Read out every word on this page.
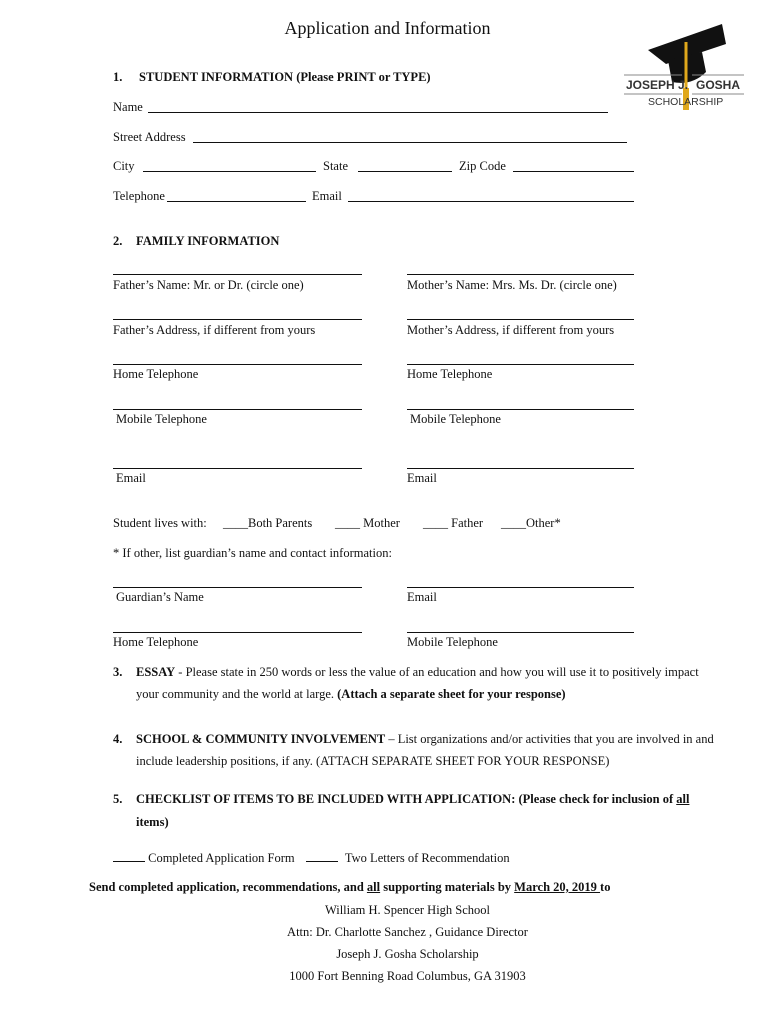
Application and Information
JOSEPH J. GOSHA
SCHOLARSHIP
1. STUDENT INFORMATION (Please PRINT or TYPE)
Name
Street Address
City	State	Zip Code
Telephone	Email
2. FAMILY INFORMATION
Father’s Name: Mr. or Dr. (circle one)	Mother’s Name: Mrs. Ms. Dr. (circle one)
Father’s Address, if different from yours	Mother’s Address, if different from yours
Home Telephone	Home Telephone
Mobile Telephone	Mobile Telephone
Email	Email
Student lives with: ____Both Parents ____ Mother ____ Father ____Other*
* If other, list guardian’s name and contact information:
Guardian’s Name	Email
Home Telephone	Mobile Telephone
3. ESSAY - Please state in 250 words or less the value of an education and how you will use it to positively impact
your community and the world at large. (Attach a separate sheet for your response)
4. SCHOOL & COMMUNITY INVOLVEMENT – List organizations and/or activities that you are involved in and
include leadership positions, if any. (ATTACH SEPARATE SHEET FOR YOUR RESPONSE)
5. CHECKLIST OF ITEMS TO BE INCLUDED WITH APPLICATION: (Please check for inclusion of all
items)
Completed Application Form	Two Letters of Recommendation
Send completed application, recommendations, and all supporting materials by March 20, 2019 to
William H. Spencer High School
Attn: Dr. Charlotte Sanchez , Guidance Director
Joseph J. Gosha Scholarship
1000 Fort Benning Road Columbus, GA 31903
